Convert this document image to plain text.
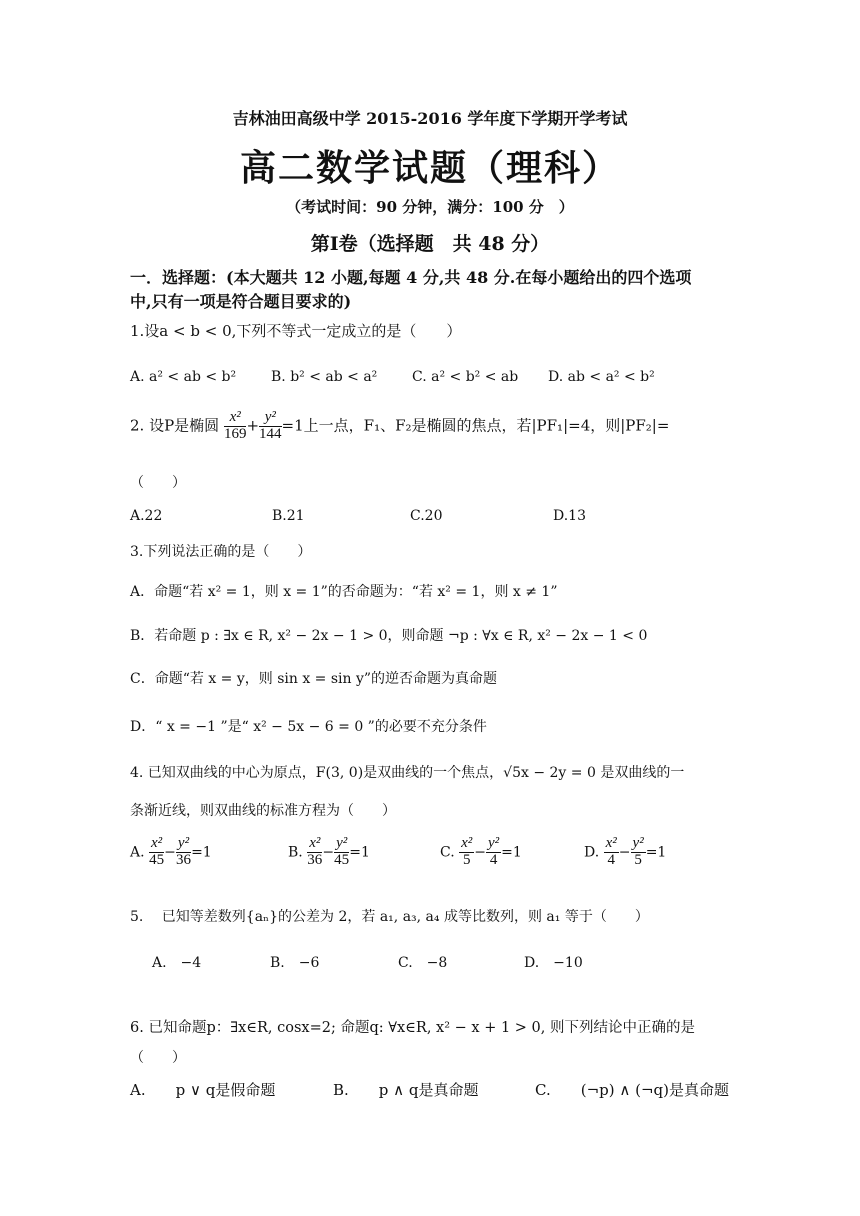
吉林油田高级中学 2015-2016 学年度下学期开学考试
高二数学试题（理科）
（考试时间：90 分钟，满分：100 分　）
第Ⅰ卷（选择题　共 48 分）
一．选择题：(本大题共 12 小题,每题 4 分,共 48 分.在每小题给出的四个选项
中,只有一项是符合题目要求的)
1.设a < b < 0,下列不等式一定成立的是（　　）
A. a² < ab < b² B. b² < ab < a² C. a² < b² < ab D. ab < a² < b²
2. 设P是椭圆 $\frac{\text{x²}}{169} + \frac{\text{y²}}{144} =1$上一点，F₁、F₂是椭圆的焦点，若|PF₁|=4，则|PF₂|=
（　　）
A.22	B.21	C.20	D.13
3.下列说法正确的是（　　）
A．命题“若 x² = 1，则 x = 1”的否命题为：“若 x² = 1，则 x ≠ 1”
B．若命题 p : ∃x ∈ R, x² − 2x − 1 > 0，则命题 ¬p : ∀x ∈ R, x² − 2x − 1 < 0
C．命题“若 x = y，则 sin x = sin y”的逆否命题为真命题
D．“ x = −1 ”是“ x² − 5x − 6 = 0 ”的必要不充分条件
4. 已知双曲线的中心为原点，F(3, 0)是双曲线的一个焦点，√5x − 2y = 0 是双曲线的一
条渐近线，则双曲线的标准方程为（　　）
A. $\frac{\text{x²}}{45} - \frac{\text{y²}}{36} =1$	B. $\frac{\text{x²}}{36} - \frac{\text{y²}}{45} =1$	C. $\frac{\text{x²}}{5} - \frac{\text{y²}}{4} =1$	D. $\frac{\text{x²}}{4} - \frac{\text{y²}}{5} =1$
5.　 已知等差数列{aₙ}的公差为 2，若 a₁, a₃, a₄ 成等比数列，则 a₁ 等于（　　）
A.　−4	B.　−6	C.　−8	D.　−10
6. 已知命题p：∃x∈R, cosx=2; 命题q: ∀x∈R, x² − x + 1 > 0, 则下列结论中正确的是
（　　）
A.　　p ∨ q是假命题	B.　　p ∧ q是真命题	C.　　(¬p) ∧ (¬q)是真命题
